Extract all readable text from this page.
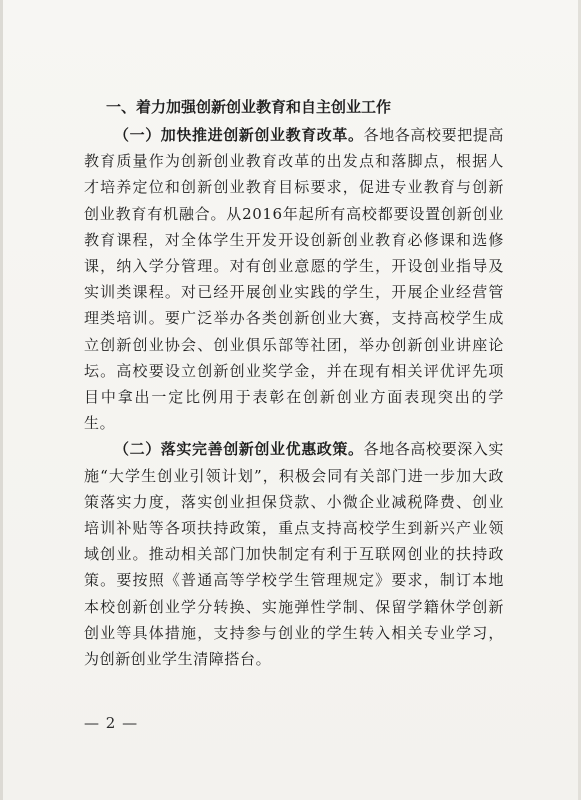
一、着力加强创新创业教育和自主创业工作

（一）加快推进创新创业教育改革。各地各高校要把提高教育质量作为创新创业教育改革的出发点和落脚点，根据人才培养定位和创新创业教育目标要求，促进专业教育与创新创业教育有机融合。从2016年起所有高校都要设置创新创业教育课程，对全体学生开发开设创新创业教育必修课和选修课，纳入学分管理。对有创业意愿的学生，开设创业指导及实训类课程。对已经开展创业实践的学生，开展企业经营管理类培训。要广泛举办各类创新创业大赛，支持高校学生成立创新创业协会、创业俱乐部等社团，举办创新创业讲座论坛。高校要设立创新创业奖学金，并在现有相关评优评先项目中拿出一定比例用于表彰在创新创业方面表现突出的学生。

（二）落实完善创新创业优惠政策。各地各高校要深入实施“大学生创业引领计划”，积极会同有关部门进一步加大政策落实力度，落实创业担保贷款、小微企业减税降费、创业培训补贴等各项扶持政策，重点支持高校学生到新兴产业领域创业。推动相关部门加快制定有利于互联网创业的扶持政策。要按照《普通高等学校学生管理规定》要求，制订本地本校创新创业学分转换、实施弹性学制、保留学籍休学创新创业等具体措施，支持参与创业的学生转入相关专业学习，为创新创业学生清障搭台。

— 2 —
